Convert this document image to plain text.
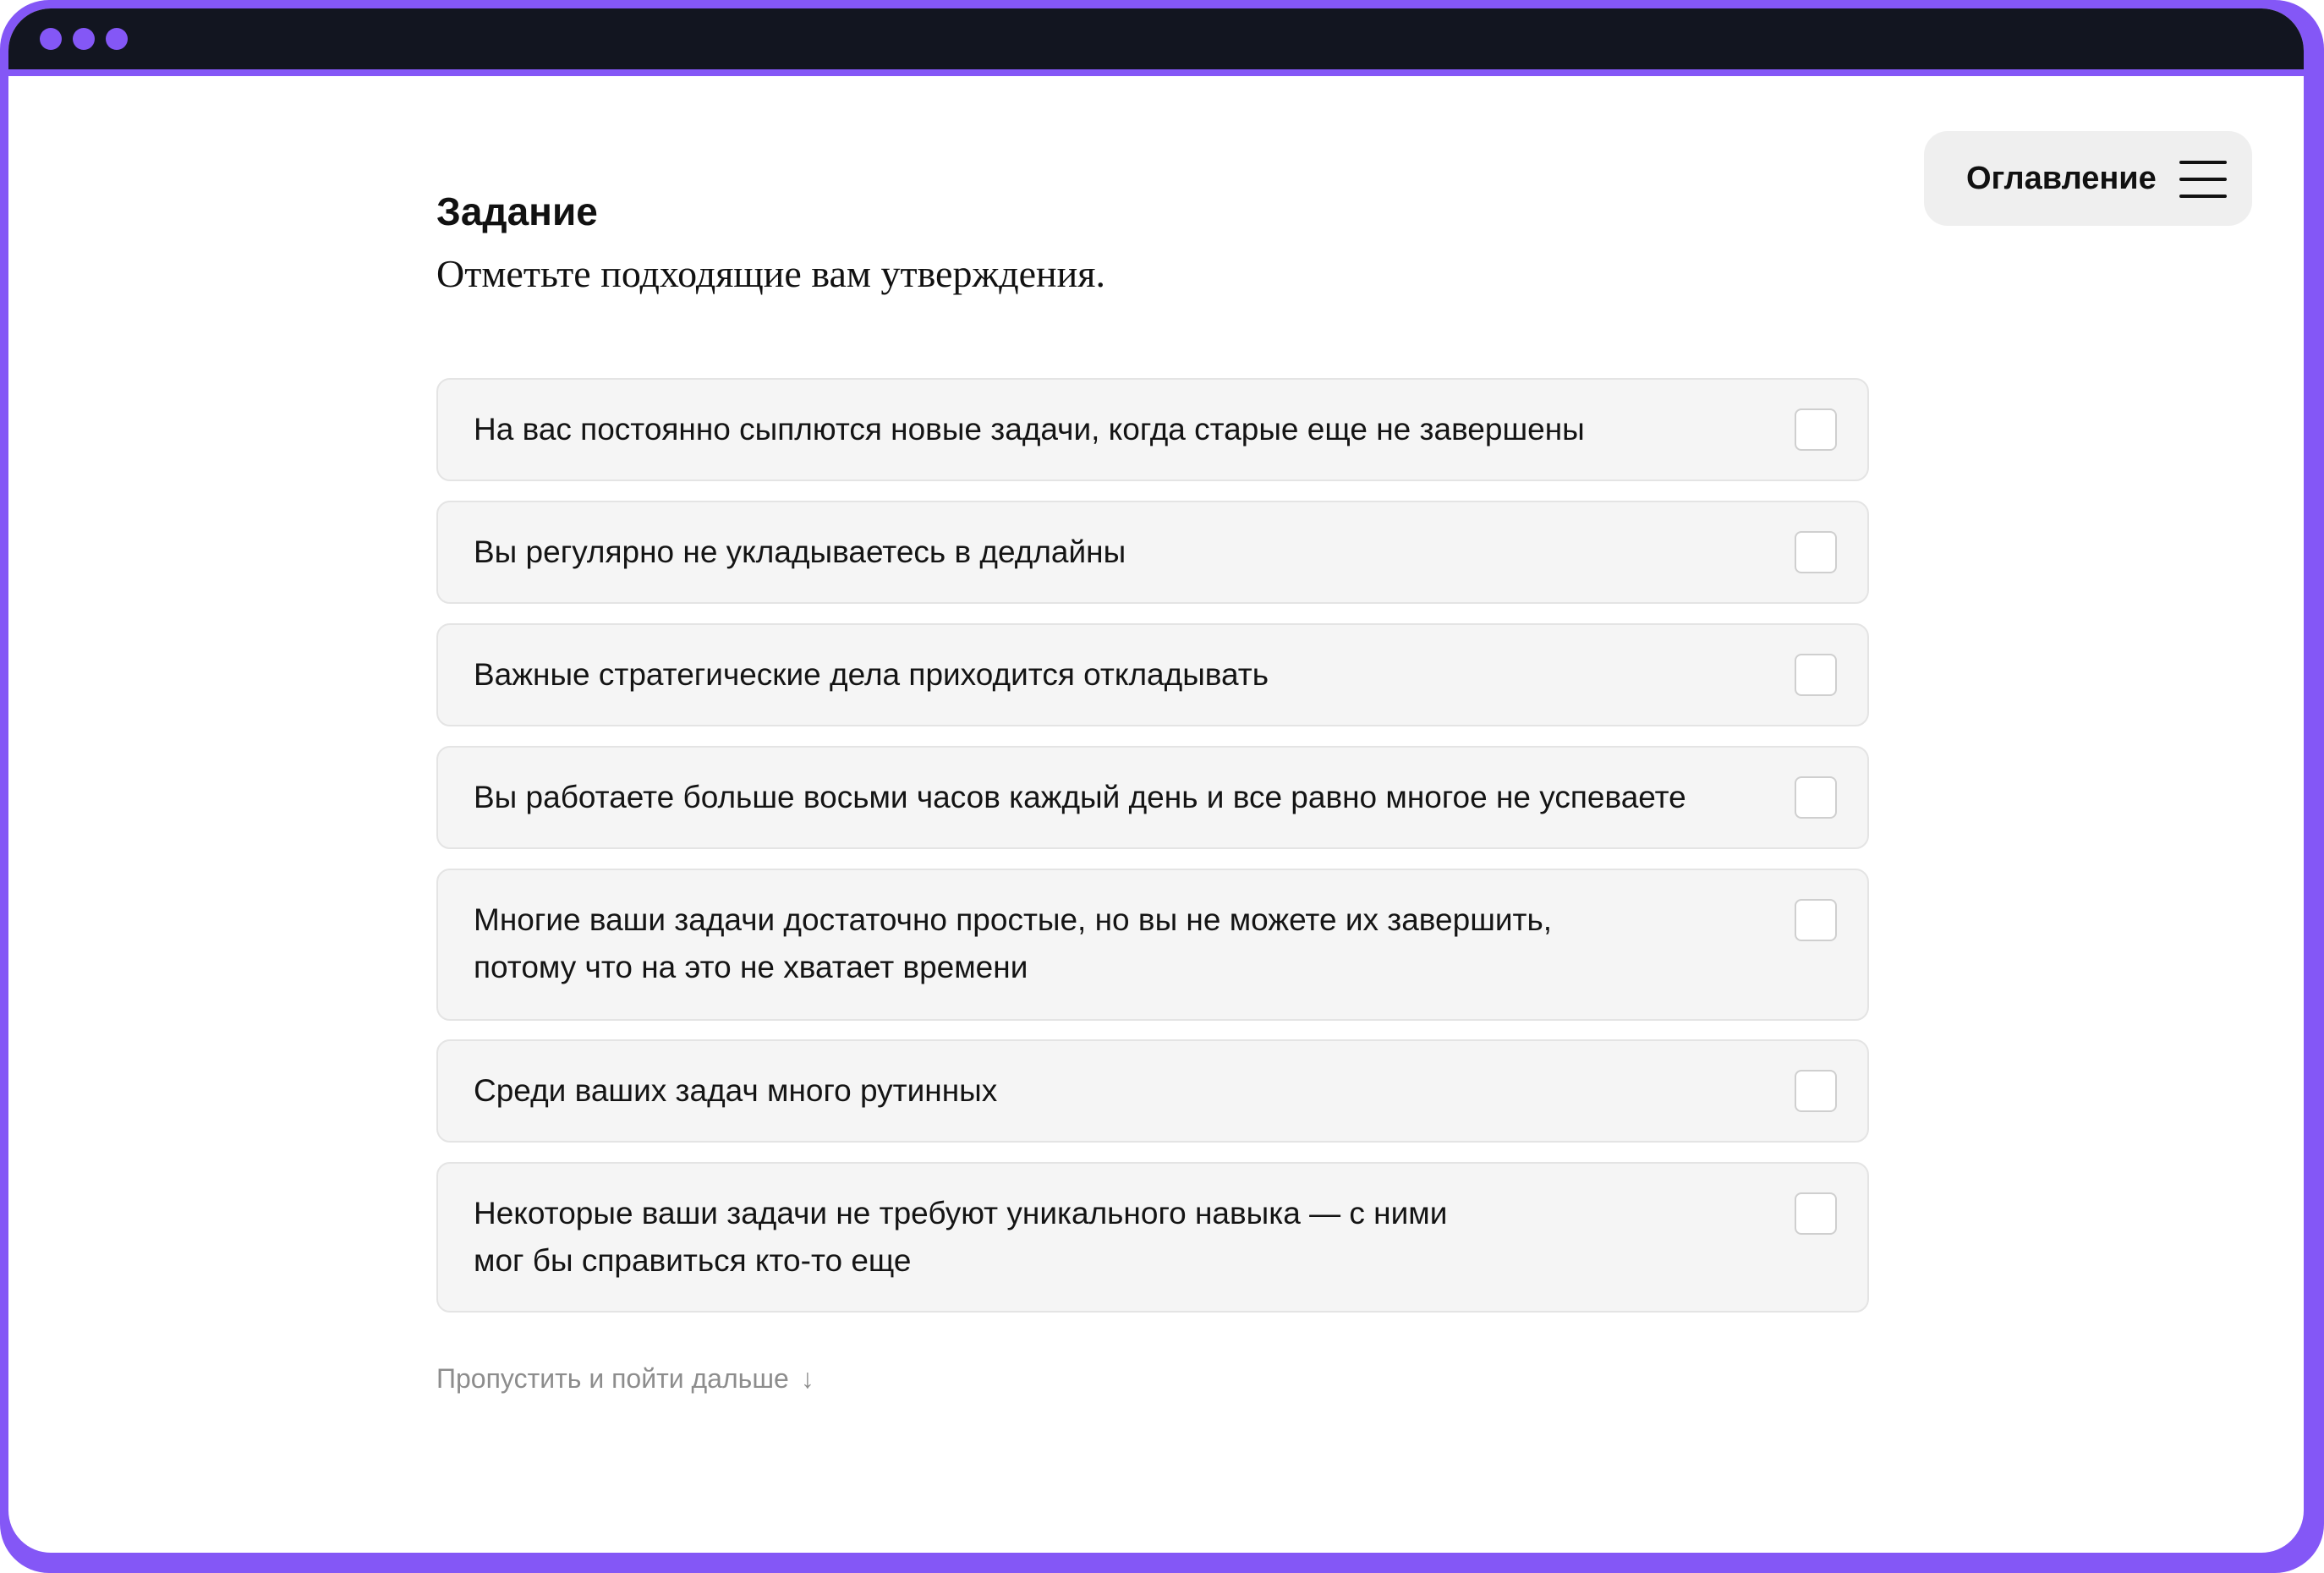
Оглавление
Задание
Отметьте подходящие вам утверждения.
На вас постоянно сыплются новые задачи, когда старые еще не завершены
Вы регулярно не укладываетесь в дедлайны
Важные стратегические дела приходится откладывать
Вы работаете больше восьми часов каждый день и все равно многое не успеваете
Многие ваши задачи достаточно простые, но вы не можете их завершить,
потому что на это не хватает времени
Среди ваших задач много рутинных
Некоторые ваши задачи не требуют уникального навыка — с ними
мог бы справиться кто-то еще
Пропустить и пойти дальше ↓
